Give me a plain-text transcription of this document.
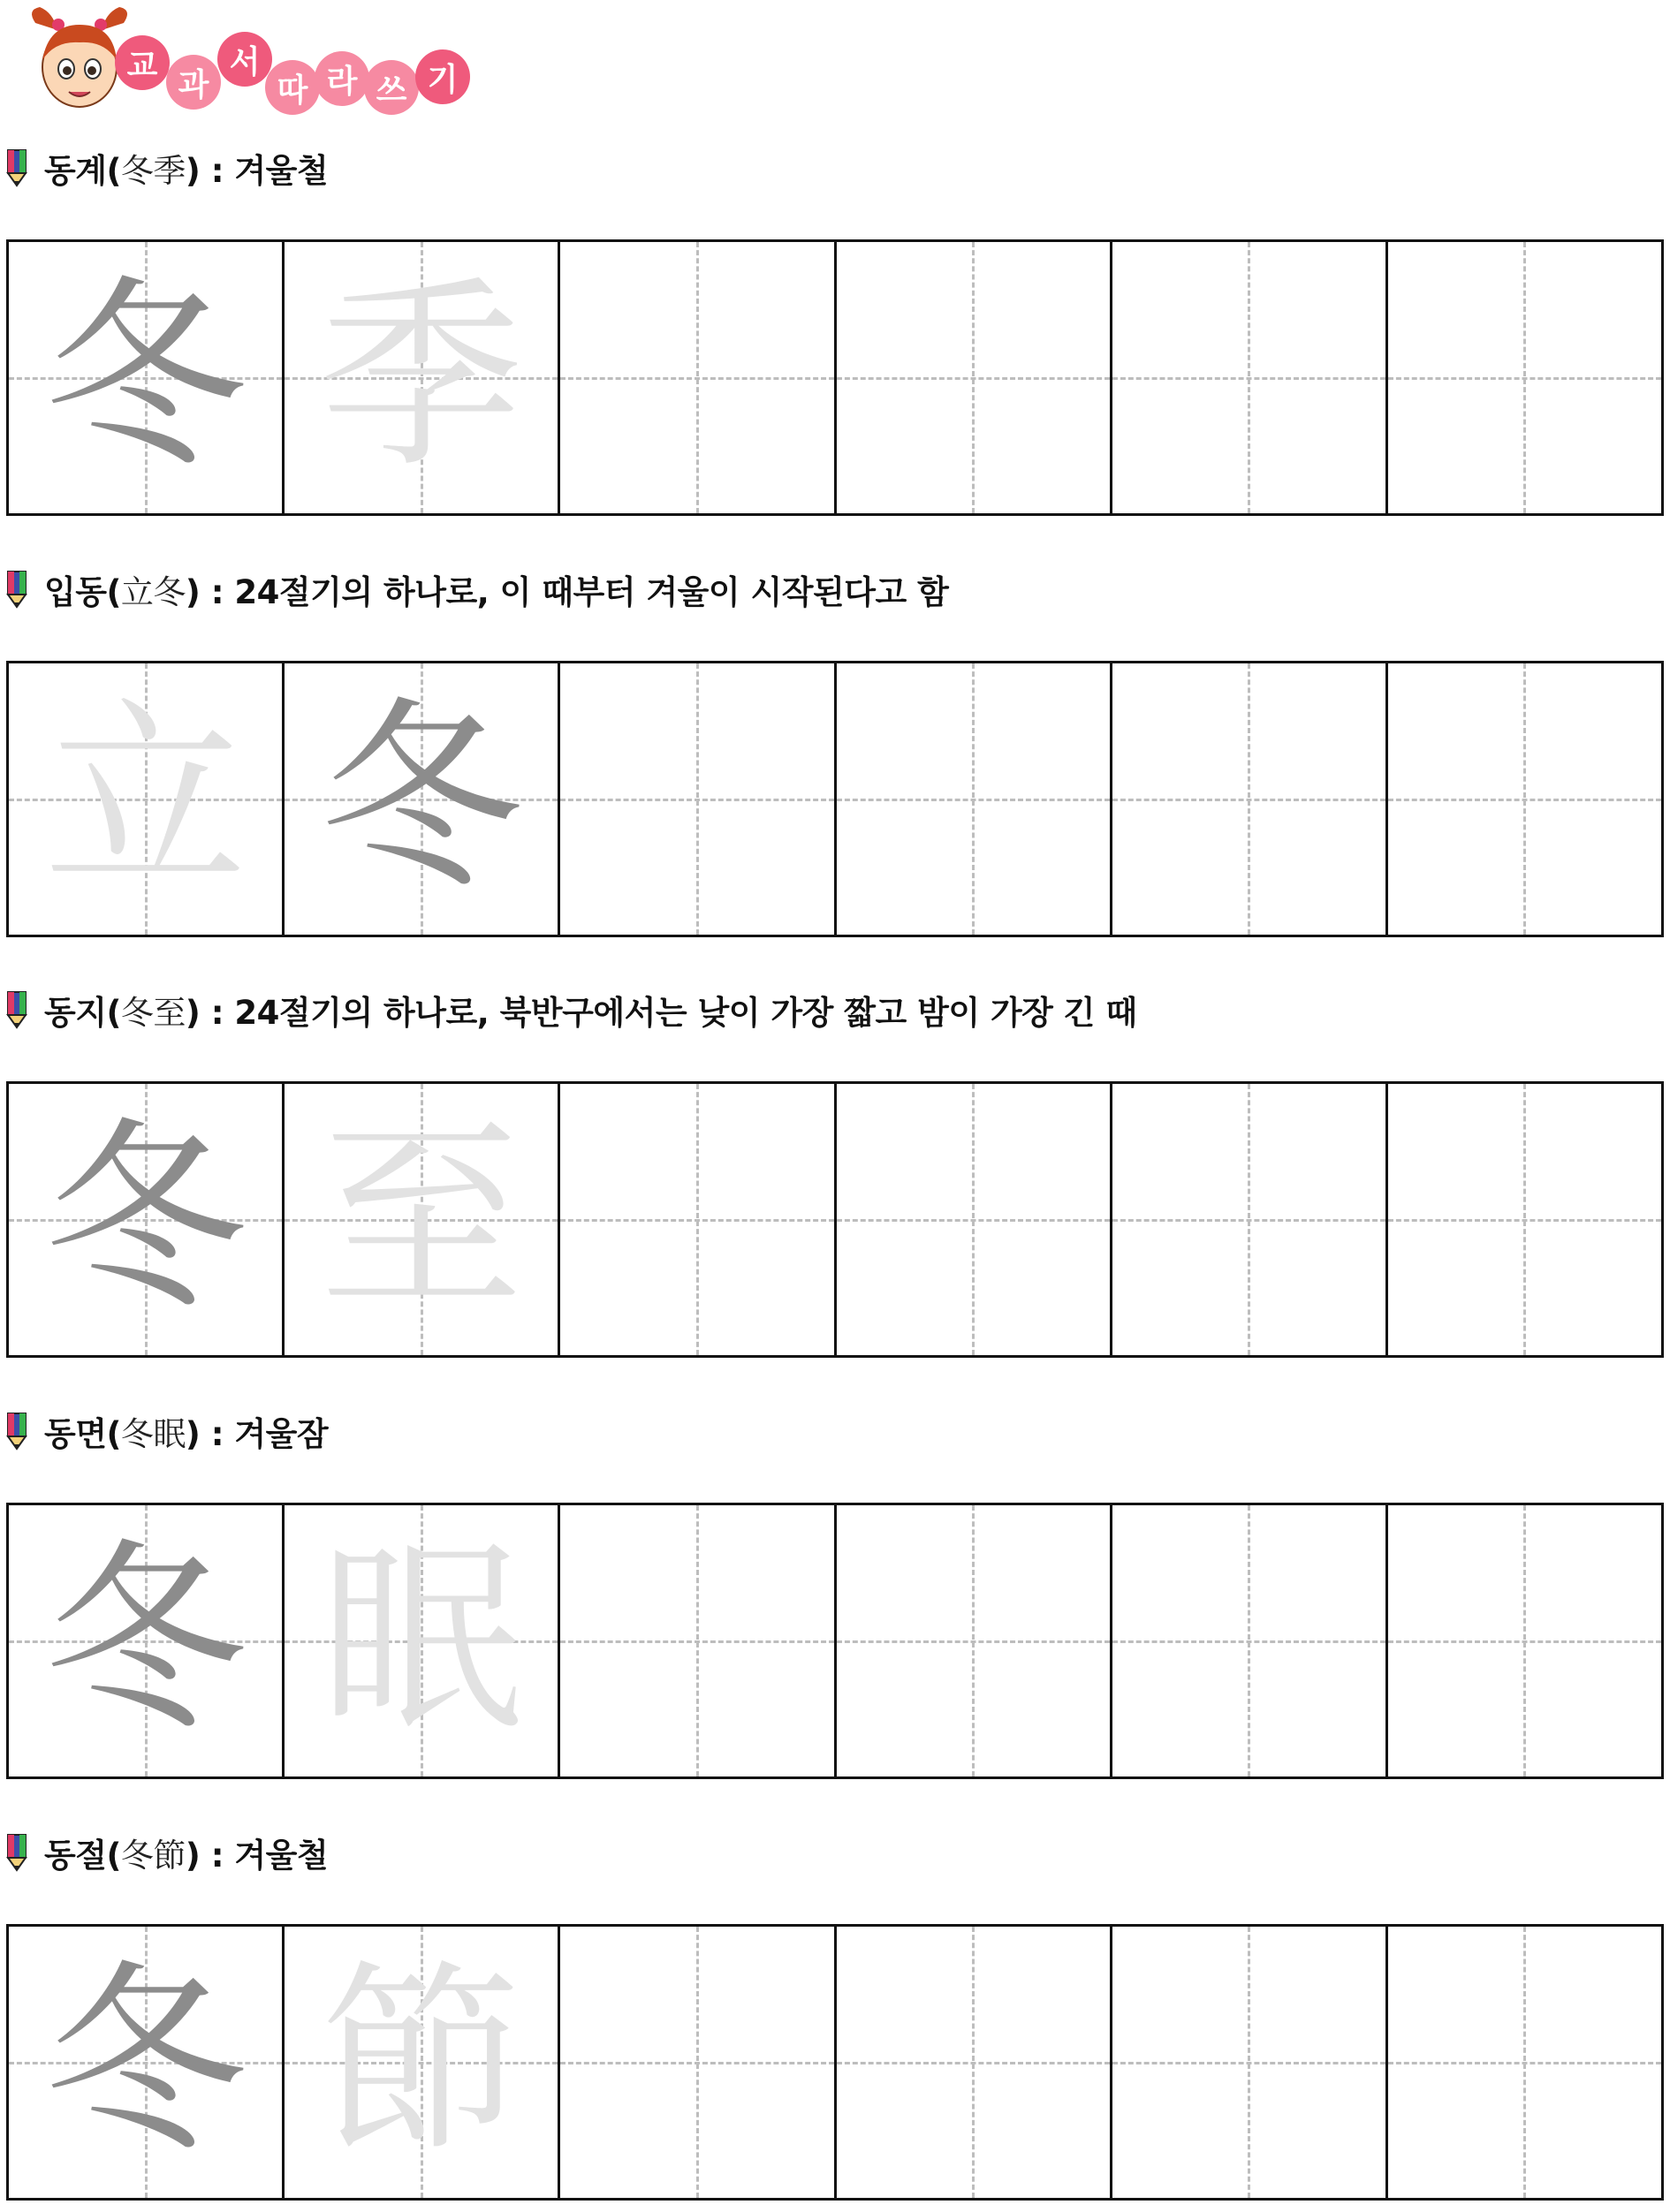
교
과
서
따 라 쓰 기
동계(冬季) : 겨울철
冬 季
입동(立冬) : 24절기의 하나로, 이 때부터 겨울이 시작된다고 함
立 冬
동지(冬至) : 24절기의 하나로, 북반구에서는 낮이 가장 짧고 밤이 가장 긴 때
冬 至
동면(冬眠) : 겨울잠
冬 眠
동절(冬節) : 겨울철
冬 節
